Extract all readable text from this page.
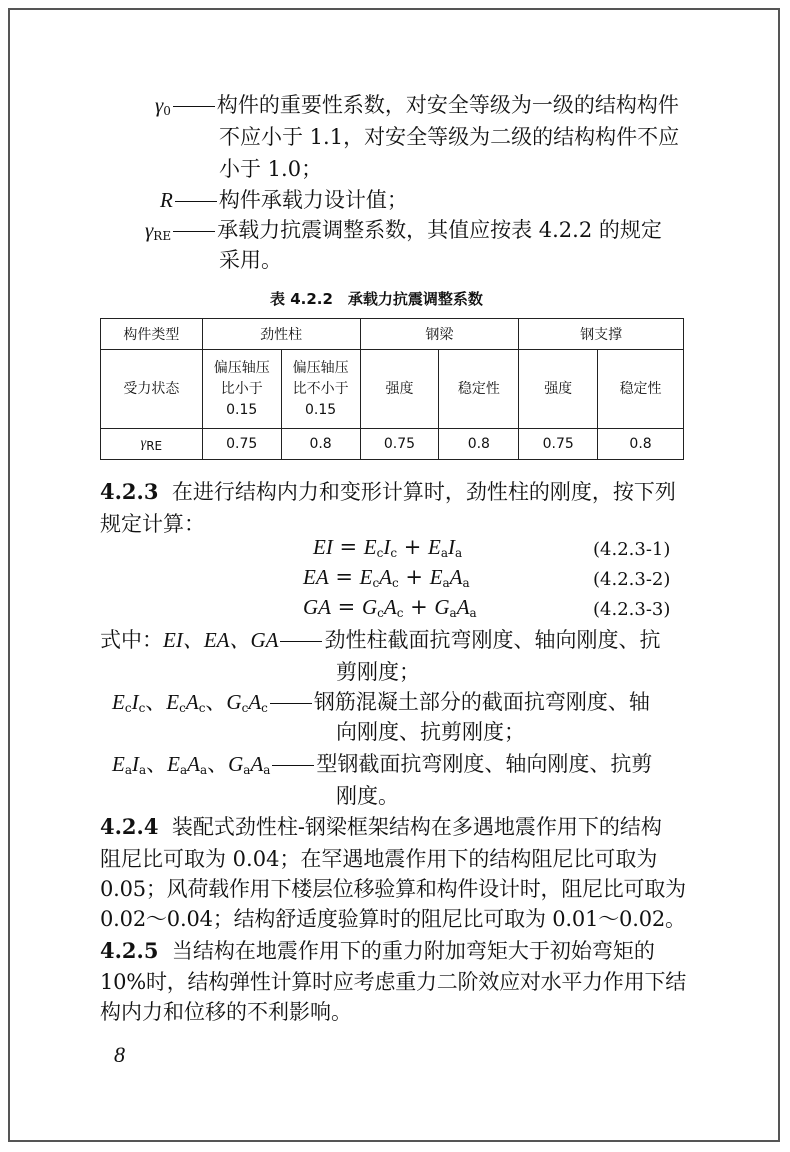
$\gamma_0$ 构件的重要性系数，对安全等级为一级的结构构件
不应小于 1.1，对安全等级为二级的结构构件不应
小于 1.0；
R 构件承载力设计值；
$\gamma_{RE}$ 承载力抗震调整系数，其值应按表 4.2.2 的规定
采用。
表 4.2.2　承载力抗震调整系数
构件类型	劲性柱		钢梁		钢支撑	
受力状态	偏压轴压
比小于
0.15	偏压轴压
比不小于
0.15	强度	稳定性	强度	稳定性
$\gamma_{RE}$	0.75	0.8	0.75	0.8	0.75	0.8
4.2.3 在进行结构内力和变形计算时，劲性柱的刚度，按下列
规定计算：
EI = $E_cI_c + E_aI_a$	(4.2.3-1)
EA = $E_cA_c + E_aA_a$	(4.2.3-2)
GA = $G_cA_c + G_aA_a$	(4.2.3-3)
式中：EI、EA、GA 劲性柱截面抗弯刚度、轴向刚度、抗
剪刚度；
$E_cI_c$、$E_cA_c$、$G_cA_c$ 钢筋混凝土部分的截面抗弯刚度、轴
向刚度、抗剪刚度；
$E_aI_a$、$E_aA_a$、$G_aA_a$ 型钢截面抗弯刚度、轴向刚度、抗剪
刚度。
4.2.4 装配式劲性柱-钢梁框架结构在多遇地震作用下的结构
阻尼比可取为 0.04；在罕遇地震作用下的结构阻尼比可取为
0.05；风荷载作用下楼层位移验算和构件设计时，阻尼比可取为
0.02～0.04；结构舒适度验算时的阻尼比可取为 0.01～0.02。
4.2.5 当结构在地震作用下的重力附加弯矩大于初始弯矩的
10%时，结构弹性计算时应考虑重力二阶效应对水平力作用下结
构内力和位移的不利影响。
8
